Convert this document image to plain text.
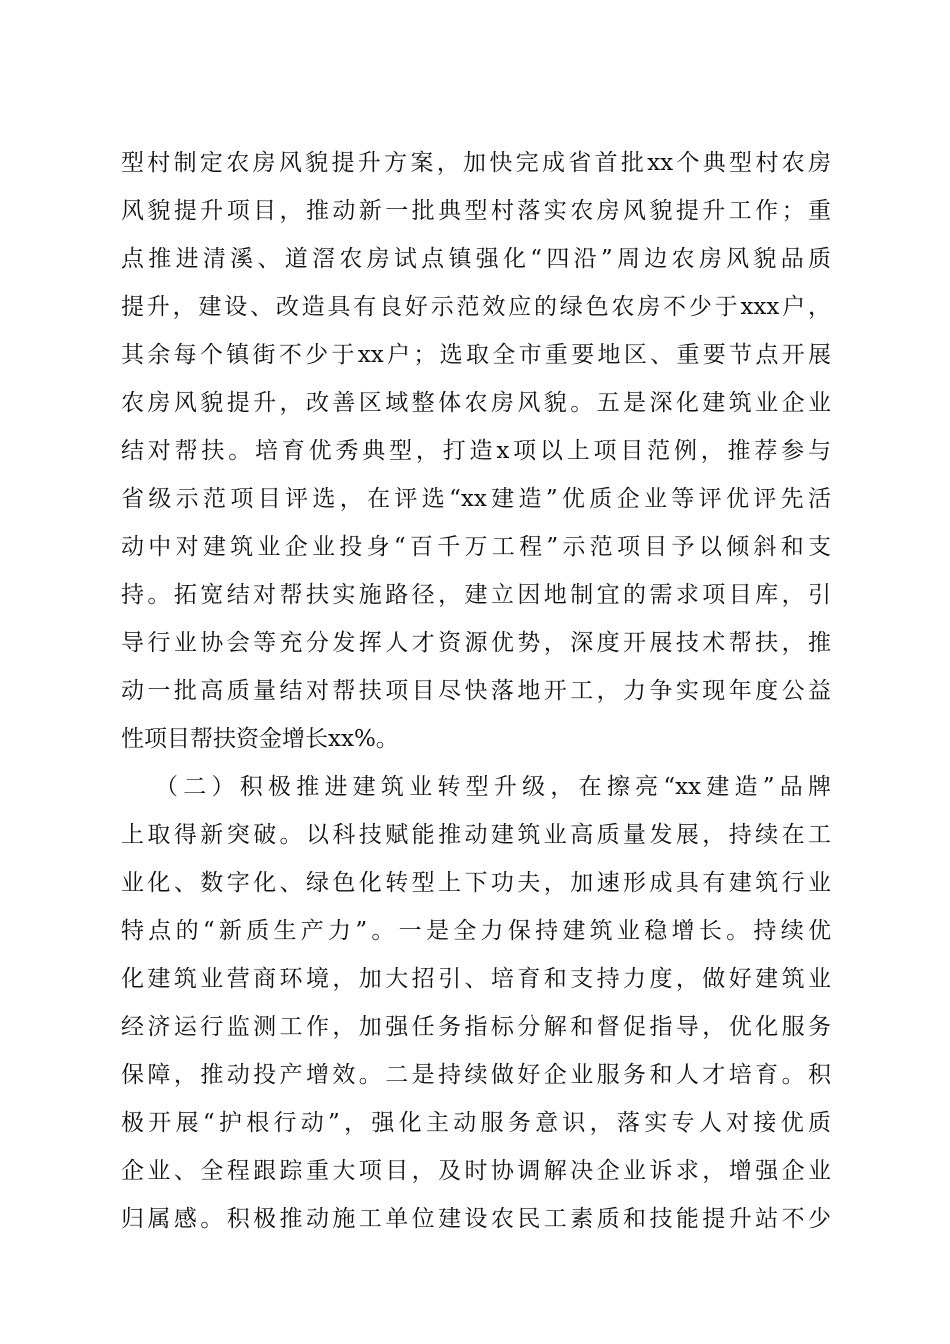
型村制定农房风貌提升方案，加快完成省首批xx个典型村农房
风貌提升项目，推动新一批典型村落实农房风貌提升工作；重
点推进清溪、道滘农房试点镇强化“四沿”周边农房风貌品质
提升，建设、改造具有良好示范效应的绿色农房不少于xxx户，
其余每个镇街不少于xx户；选取全市重要地区、重要节点开展
农房风貌提升，改善区域整体农房风貌。五是深化建筑业企业
结对帮扶。培育优秀典型，打造x项以上项目范例，推荐参与
省级示范项目评选，在评选“xx建造”优质企业等评优评先活
动中对建筑业企业投身“百千万工程”示范项目予以倾斜和支
持。拓宽结对帮扶实施路径，建立因地制宜的需求项目库，引
导行业协会等充分发挥人才资源优势，深度开展技术帮扶，推
动一批高质量结对帮扶项目尽快落地开工，力争实现年度公益
性项目帮扶资金增长xx%。
（二）积极推进建筑业转型升级，在擦亮“xx建造”品牌
上取得新突破。以科技赋能推动建筑业高质量发展，持续在工
业化、数字化、绿色化转型上下功夫，加速形成具有建筑行业
特点的“新质生产力”。一是全力保持建筑业稳增长。持续优
化建筑业营商环境，加大招引、培育和支持力度，做好建筑业
经济运行监测工作，加强任务指标分解和督促指导，优化服务
保障，推动投产增效。二是持续做好企业服务和人才培育。积
极开展“护根行动”，强化主动服务意识，落实专人对接优质
企业、全程跟踪重大项目，及时协调解决企业诉求，增强企业
归属感。积极推动施工单位建设农民工素质和技能提升站不少
